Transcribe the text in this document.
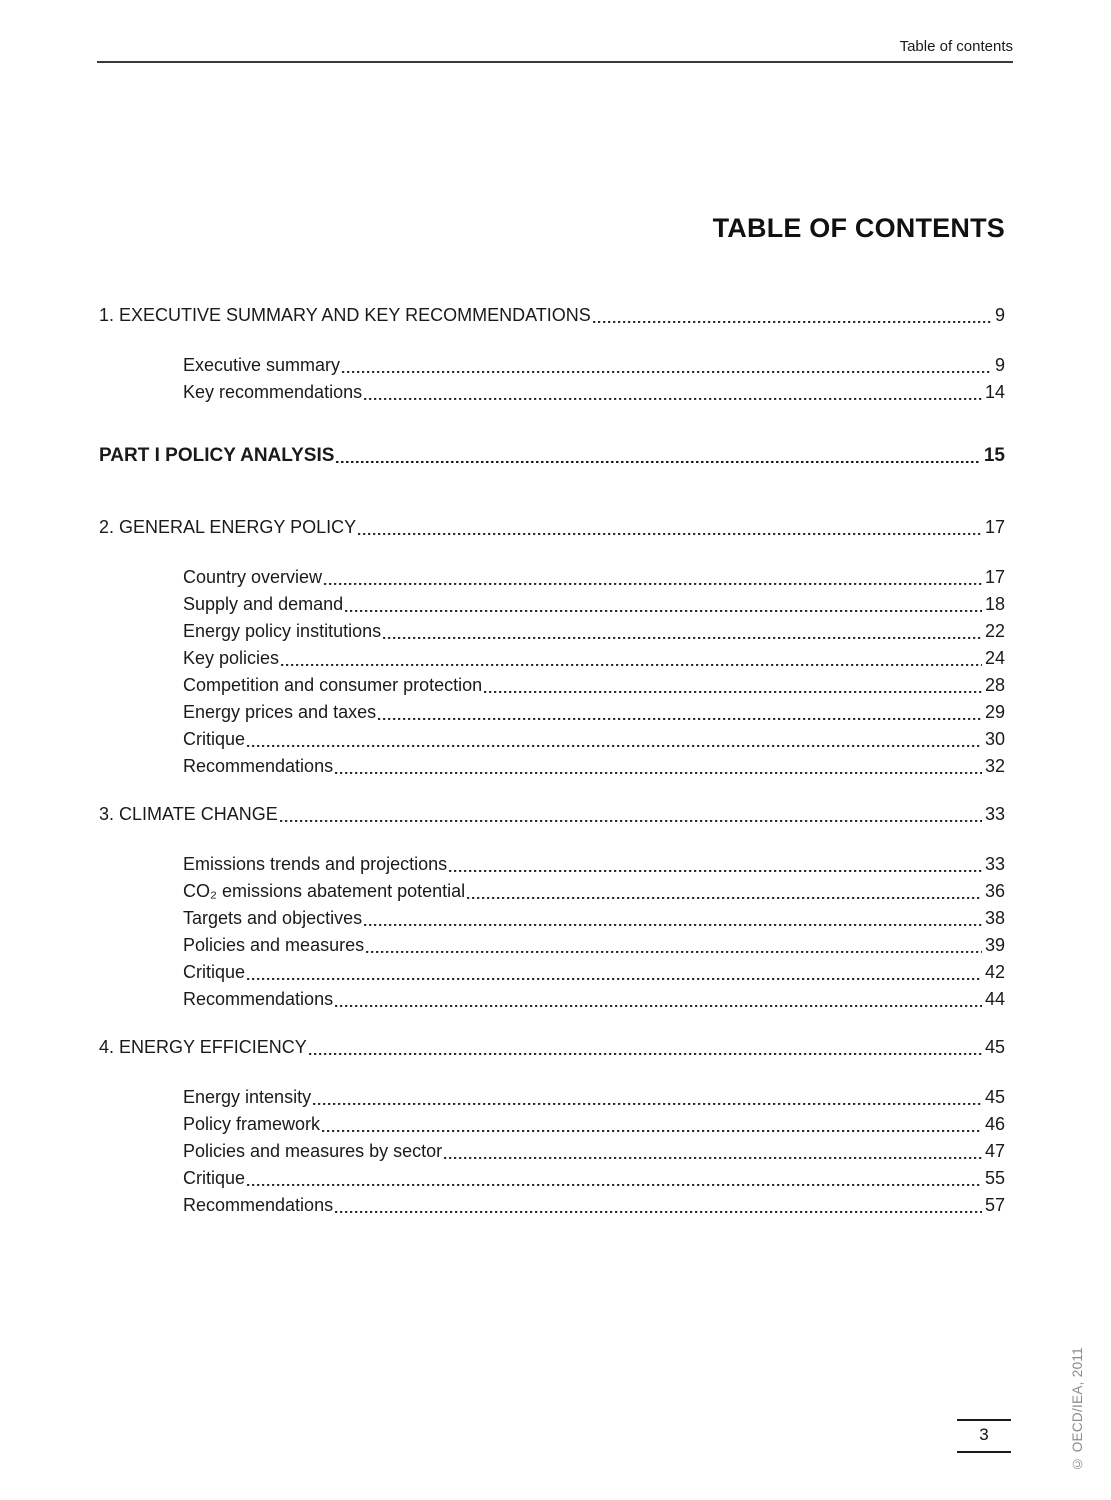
Table of contents
TABLE OF CONTENTS
1. EXECUTIVE SUMMARY AND KEY RECOMMENDATIONS	9
Executive summary	9
Key recommendations	14
PART I POLICY ANALYSIS	15
2. GENERAL ENERGY POLICY	17
Country overview	17
Supply and demand	18
Energy policy institutions	22
Key policies	24
Competition and consumer protection	28
Energy prices and taxes	29
Critique	30
Recommendations	32
3. CLIMATE CHANGE	33
Emissions trends and projections	33
CO₂ emissions abatement potential	36
Targets and objectives	38
Policies and measures	39
Critique	42
Recommendations	44
4. ENERGY EFFICIENCY	45
Energy intensity	45
Policy framework	46
Policies and measures by sector	47
Critique	55
Recommendations	57
© OECD/IEA, 2011
3
